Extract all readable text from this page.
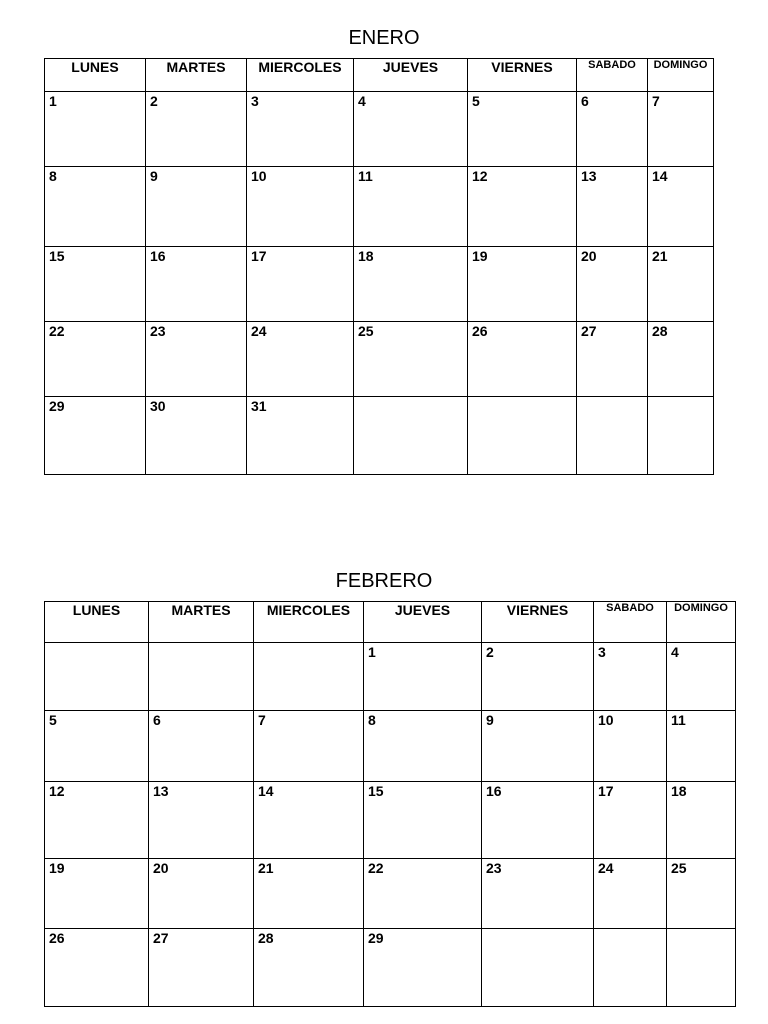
ENERO
LUNES	MARTES	MIERCOLES	JUEVES	VIERNES	SABADO	DOMINGO
1	2	3	4	5	6	7
8	9	10	11	12	13	14
15	16	17	18	19	20	21
22	23	24	25	26	27	28
29	30	31				
FEBRERO
LUNES	MARTES	MIERCOLES	JUEVES	VIERNES	SABADO	DOMINGO
			1	2	3	4
5	6	7	8	9	10	11
12	13	14	15	16	17	18
19	20	21	22	23	24	25
26	27	28	29			
